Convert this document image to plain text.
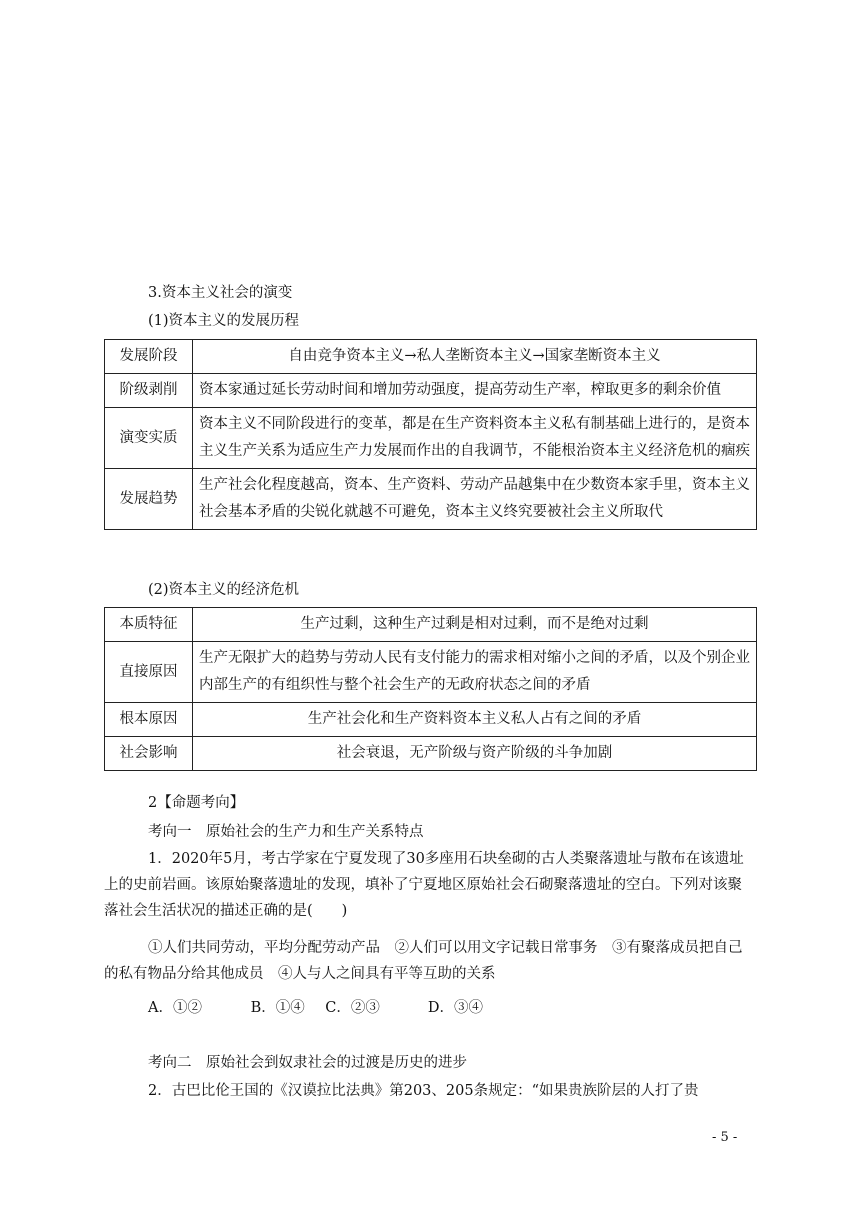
3.资本主义社会的演变
(1)资本主义的发展历程
发展阶段	自由竞争资本主义→私人垄断资本主义→国家垄断资本主义
阶级剥削	资本家通过延长劳动时间和增加劳动强度，提高劳动生产率，榨取更多的剩余价值
演变实质	资本主义不同阶段进行的变革，都是在生产资料资本主义私有制基础上进行的，是资本主义生产关系为适应生产力发展而作出的自我调节，不能根治资本主义经济危机的痼疾
发展趋势	生产社会化程度越高，资本、生产资料、劳动产品越集中在少数资本家手里，资本主义社会基本矛盾的尖锐化就越不可避免，资本主义终究要被社会主义所取代
(2)资本主义的经济危机
本质特征	生产过剩，这种生产过剩是相对过剩，而不是绝对过剩
直接原因	生产无限扩大的趋势与劳动人民有支付能力的需求相对缩小之间的矛盾，以及个别企业内部生产的有组织性与整个社会生产的无政府状态之间的矛盾
根本原因	生产社会化和生产资料资本主义私人占有之间的矛盾
社会影响	社会衰退，无产阶级与资产阶级的斗争加剧
2【命题考向】
考向一　原始社会的生产力和生产关系特点
1．2020年5月，考古学家在宁夏发现了30多座用石块垒砌的古人类聚落遗址与散布在该遗址上的史前岩画。该原始聚落遗址的发现，填补了宁夏地区原始社会石砌聚落遗址的空白。下列对该聚落社会生活状况的描述正确的是(　　)
①人们共同劳动，平均分配劳动产品　②人们可以用文字记载日常事务　③有聚落成员把自己的私有物品分给其他成员　④人与人之间具有平等互助的关系
A．①②	B．①④ C．②③	D．③④
考向二　原始社会到奴隶社会的过渡是历史的进步
2．古巴比伦王国的《汉谟拉比法典》第203、205条规定：“如果贵族阶层的人打了贵
- 5 -
